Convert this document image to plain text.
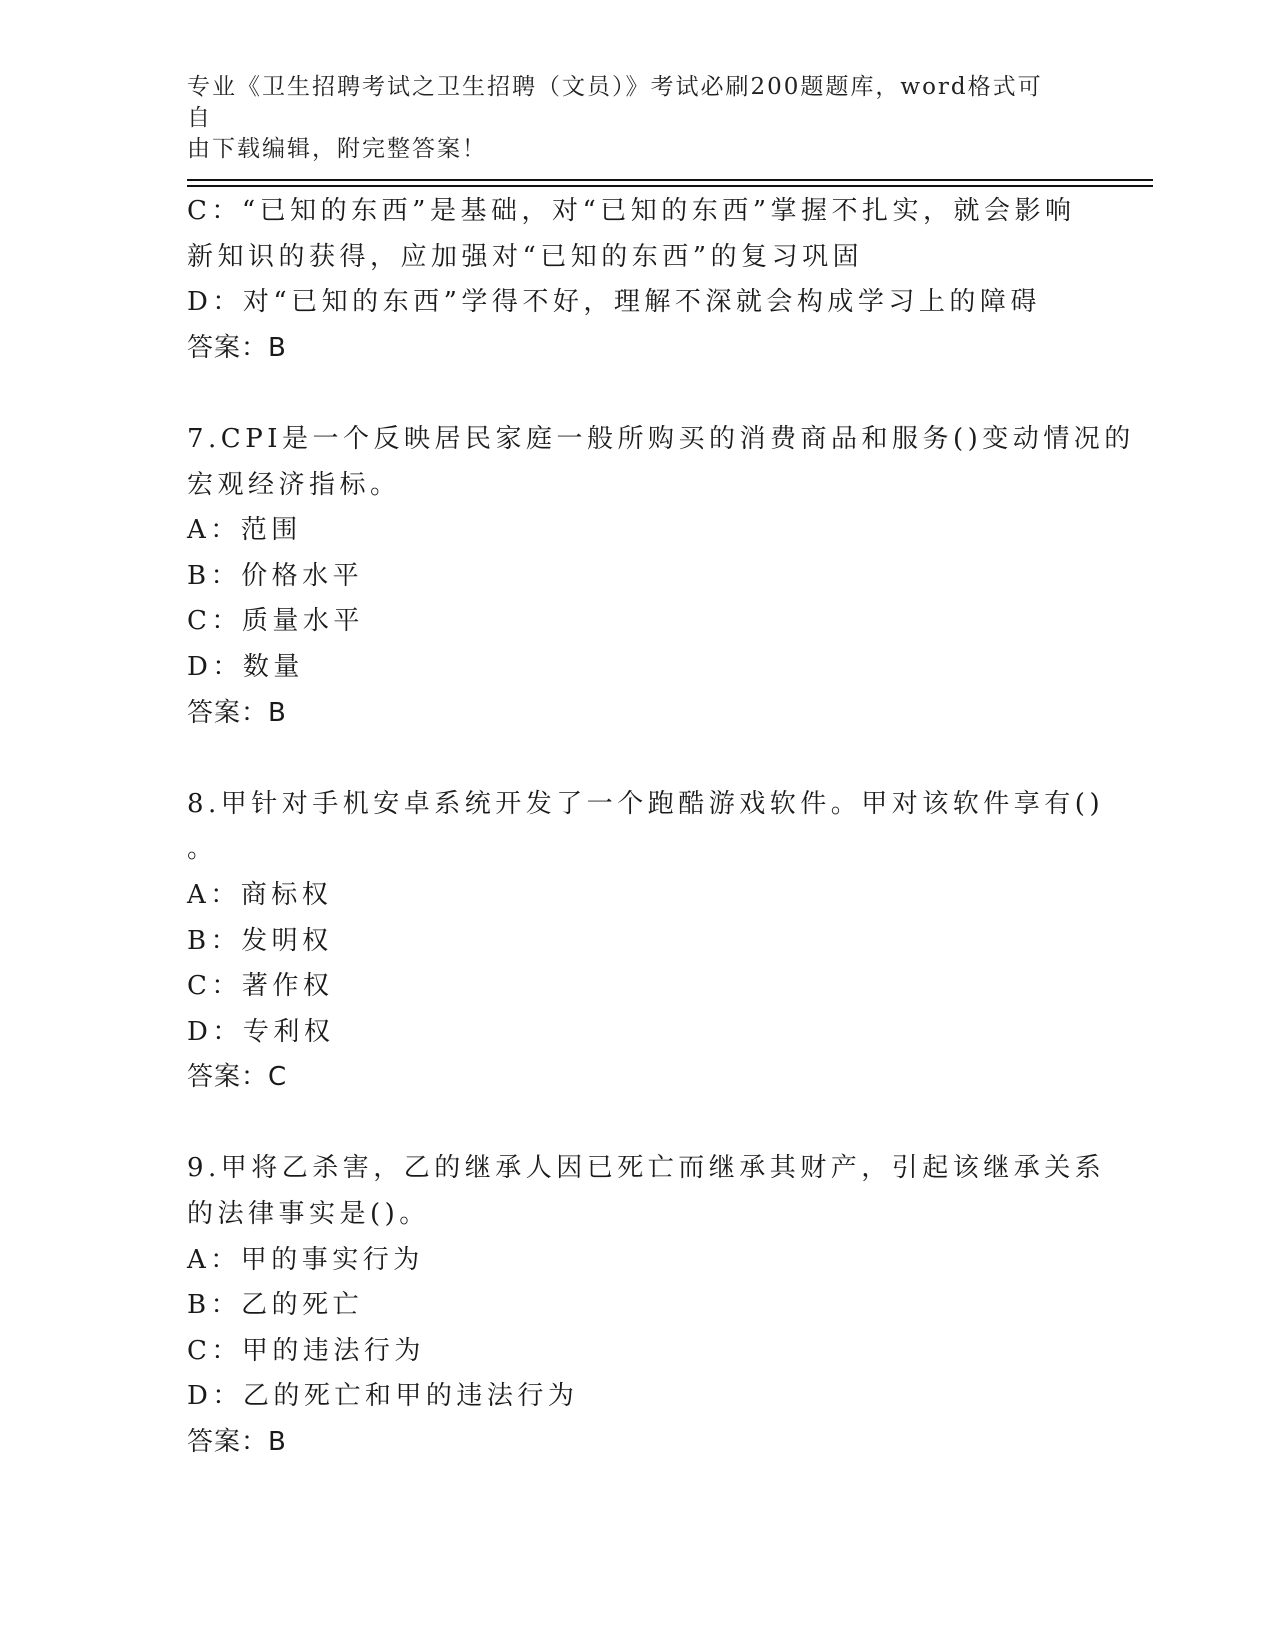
专业《卫生招聘考试之卫生招聘（文员）》考试必刷200题题库，word格式可自
由下载编辑，附完整答案！
C：“已知的东西”是基础，对“已知的东西”掌握不扎实，就会影响
新知识的获得，应加强对“已知的东西”的复习巩固
D：对“已知的东西”学得不好，理解不深就会构成学习上的障碍
答案：B
7.CPI是一个反映居民家庭一般所购买的消费商品和服务()变动情况的
宏观经济指标。
A：范围
B：价格水平
C：质量水平
D：数量
答案：B
8.甲针对手机安卓系统开发了一个跑酷游戏软件。甲对该软件享有()
。
A：商标权
B：发明权
C：著作权
D：专利权
答案：C
9.甲将乙杀害，乙的继承人因已死亡而继承其财产，引起该继承关系
的法律事实是()。
A：甲的事实行为
B：乙的死亡
C：甲的违法行为
D：乙的死亡和甲的违法行为
答案：B
